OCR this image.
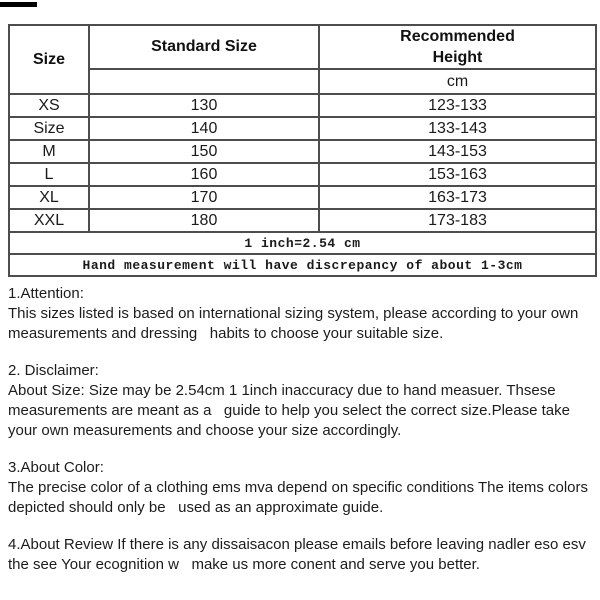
Size	Standard Size	Recommended
Height

		cm
XS	130	123-133
Size	140	133-143
M	150	143-153
L	160	153-163
XL	170	163-173
XXL	180	173-183
1 inch=2.54 cm		
Hand measurement will have discrepancy of about 1-3cm		
1.Attention:
This sizes listed is based on international sizing system, please according to your own measurements and dressing   habits to choose your suitable size.
2. Disclaimer:
About Size: Size may be 2.54cm 1 1inch inaccuracy due to hand measuer. Thsese measurements are meant as a   guide to help you select the correct size.Please take your own measurements and choose your size accordingly.
3.About Color:
The precise color of a clothing ems mva depend on specific conditions The items colors depicted should only be   used as an approximate guide.
4.About Review If there is any dissaisacon please emails before leaving nadler eso esv the see Your ecognition w   make us more conent and serve you better.
